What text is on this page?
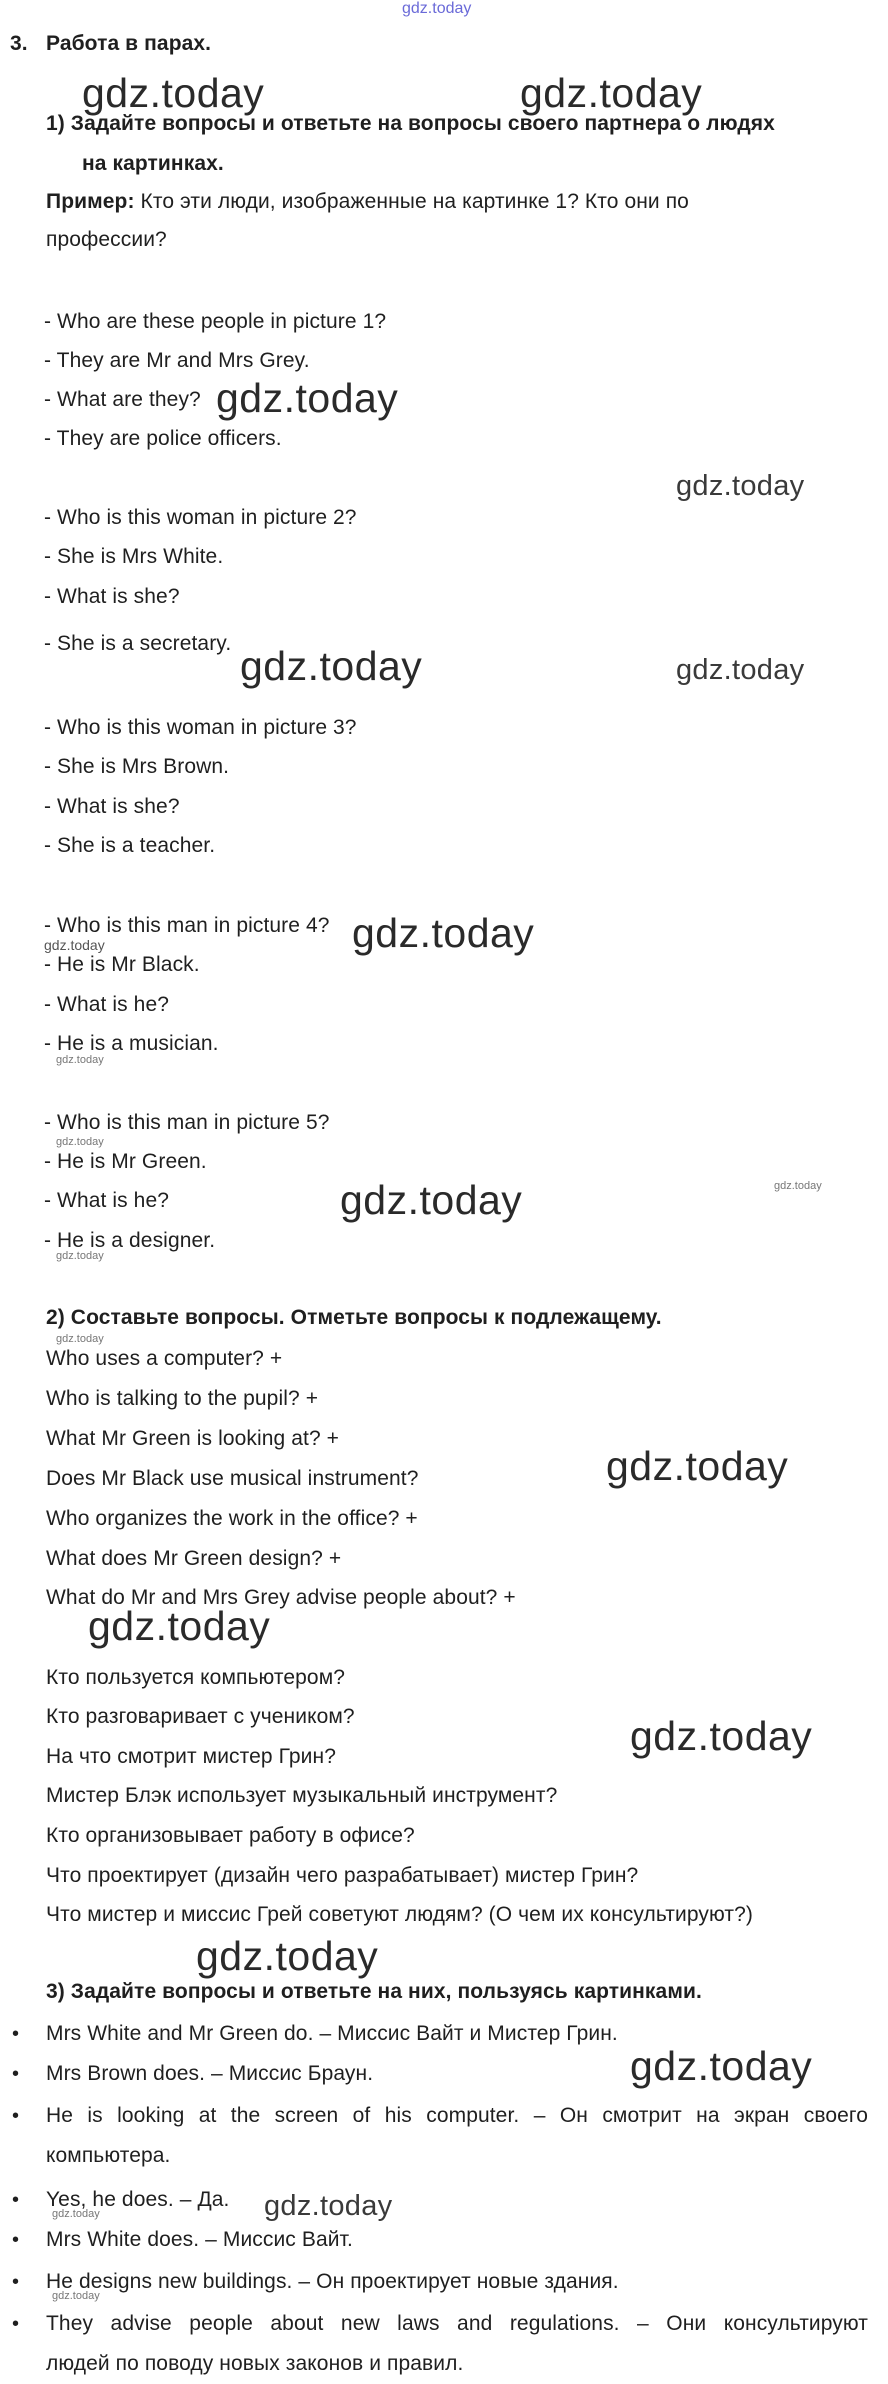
gdz.today
gdz.today	gdz.today
gdz.today
gdz.today
gdz.today	gdz.today
gdz.today
gdz.today
gdz.today
gdz.today
gdz.today	gdz.today
gdz.today
gdz.today
gdz.today
gdz.today
gdz.today
gdz.today
gdz.today
gdz.today
gdz.today
gdz.today
3. Работа в парах.
1) Задайте вопросы и ответьте на вопросы своего партнера о людях
на картинках.
Пример: Кто эти люди, изображенные на картинке 1? Кто они по
профессии?
- Who are these people in picture 1?
- They are Mr and Mrs Grey.
- What are they?
- They are police officers.
- Who is this woman in picture 2?
- She is Mrs White.
- What is she?
- She is a secretary.
- Who is this woman in picture 3?
- She is Mrs Brown.
- What is she?
- She is a teacher.
- Who is this man in picture 4?
- He is Mr Black.
- What is he?
- He is a musician.
- Who is this man in picture 5?
- He is Mr Green.
- What is he?
- He is a designer.
2) Составьте вопросы. Отметьте вопросы к подлежащему.
Who uses a computer? +
Who is talking to the pupil? +
What Mr Green is looking at? +
Does Mr Black use musical instrument?
Who organizes the work in the office? +
What does Mr Green design? +
What do Mr and Mrs Grey advise people about? +
Кто пользуется компьютером?
Кто разговаривает с учеником?
На что смотрит мистер Грин?
Мистер Блэк использует музыкальный инструмент?
Кто организовывает работу в офисе?
Что проектирует (дизайн чего разрабатывает) мистер Грин?
Что мистер и миссис Грей советуют людям? (О чем их консультируют?)
3) Задайте вопросы и ответьте на них, пользуясь картинками.
• Mrs White and Mr Green do. – Миссис Вайт и Мистер Грин.
• Mrs Brown does. – Миссис Браун.
• He is looking at the screen of his computer. – Он смотрит на экран своего
компьютера.
• Yes, he does. – Да.
• Mrs White does. – Миссис Вайт.
• He designs new buildings. – Он проектирует новые здания.
• They advise people about new laws and regulations. – Они консультируют
людей по поводу новых законов и правил.
